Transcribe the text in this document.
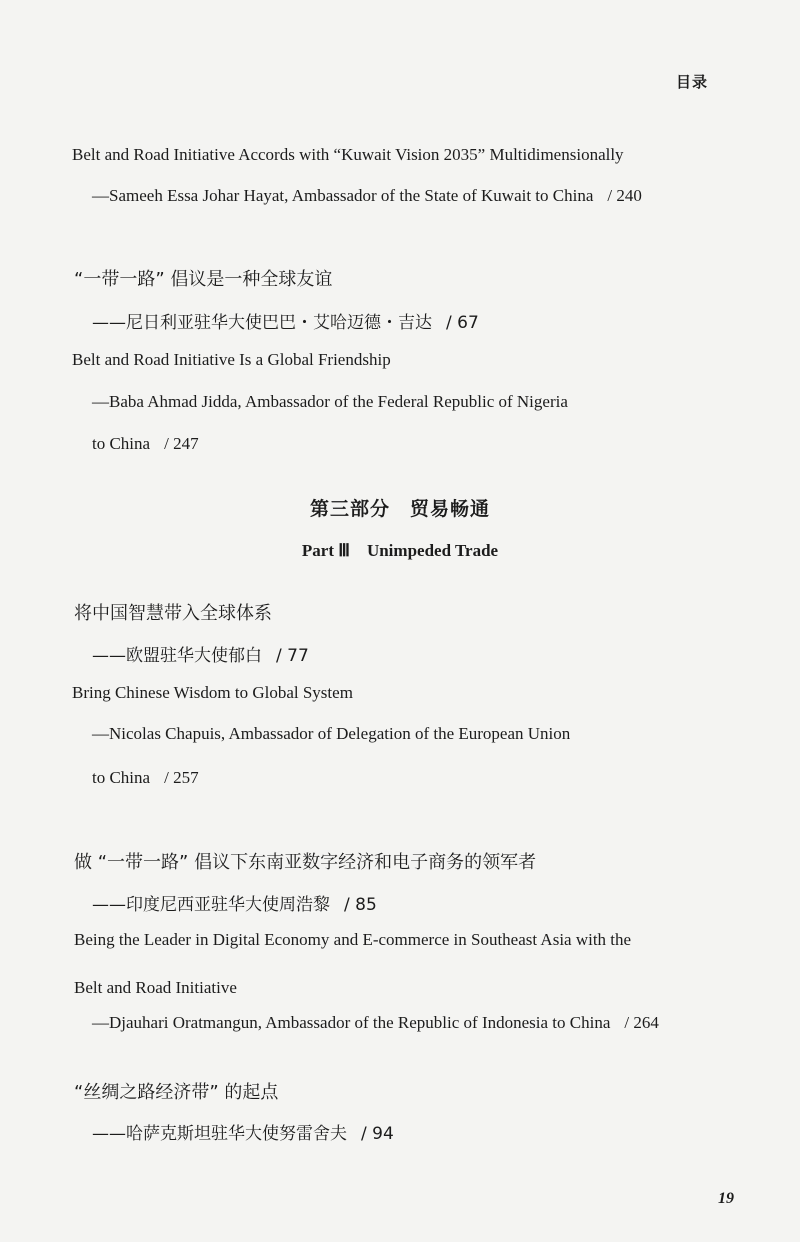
目录
Belt and Road Initiative Accords with “Kuwait Vision 2035” Multidimensionally
—Sameeh Essa Johar Hayat, Ambassador of the State of Kuwait to China / 240
“一带一路” 倡议是一种全球友谊
——尼日利亚驻华大使巴巴・艾哈迈德・吉达 / 67
Belt and Road Initiative Is a Global Friendship
—Baba Ahmad Jidda, Ambassador of the Federal Republic of Nigeria
to China / 247
第三部分　贸易畅通
Part Ⅲ　Unimpeded Trade
将中国智慧带入全球体系
——欧盟驻华大使郁白 / 77
Bring Chinese Wisdom to Global System
—Nicolas Chapuis, Ambassador of Delegation of the European Union
to China / 257
做 “一带一路” 倡议下东南亚数字经济和电子商务的领军者
——印度尼西亚驻华大使周浩黎 / 85
Being the Leader in Digital Economy and E-commerce in Southeast Asia with the
Belt and Road Initiative
—Djauhari Oratmangun, Ambassador of the Republic of Indonesia to China / 264
“丝绸之路经济带” 的起点
——哈萨克斯坦驻华大使努雷舍夫 / 94
19
